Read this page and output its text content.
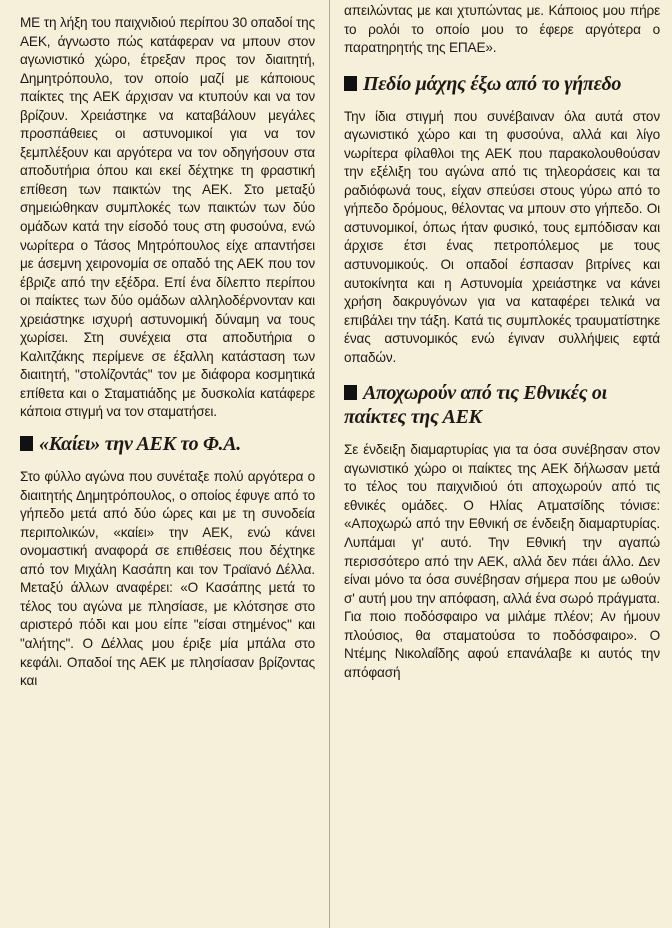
ΜΕ τη λήξη του παιχνιδιού περίπου 30 οπαδοί της ΑΕΚ, άγνωστο πώς κατάφεραν να μπουν στον αγωνιστικό χώρο, έτρεξαν προς τον διαιτητή, Δημητρόπουλο, τον οποίο μαζί με κάποιους παίκτες της ΑΕΚ άρχισαν να κτυπούν και να τον βρίζουν. Χρειάστηκε να καταβάλουν μεγάλες προσπάθειες οι αστυνομικοί για να τον ξεμπλέξουν και αργότερα να τον οδηγήσουν στα αποδυτήρια όπου και εκεί δέχτηκε τη φραστική επίθεση των παικτών της ΑΕΚ. Στο μεταξύ σημειώθηκαν συμπλοκές των παικτών των δύο ομάδων κατά την είσοδό τους στη φυσούνα, ενώ νωρίτερα ο Τάσος Μητρόπουλος είχε απαντήσει με άσεμνη χειρονομία σε οπαδό της ΑΕΚ που τον έβριζε από την εξέδρα. Επί ένα δίλεπτο περίπου οι παίκτες των δύο ομάδων αλληλοδέρνονταν και χρειάστηκε ισχυρή αστυνομική δύναμη να τους χωρίσει. Στη συνέχεια στα αποδυτήρια ο Καλιτζάκης περίμενε σε έξαλλη κατάσταση των διαιτητή, "στολίζοντάς" τον με διάφορα κοσμητικά επίθετα και ο Σταματιάδης με δυσκολία κατάφερε κάποια στιγμή να τον σταματήσει.

«Καίει» την ΑΕΚ το Φ.Α.

Στο φύλλο αγώνα που συνέταξε πολύ αργότερα ο διαιτητής Δημητρόπουλος, ο οποίος έφυγε από το γήπεδο μετά από δύο ώρες και με τη συνοδεία περιπολικών, «καίει» την ΑΕΚ, ενώ κάνει ονομαστική αναφορά σε επιθέσεις που δέχτηκε από τον Μιχάλη Κασάπη και τον Τραϊανό Δέλλα. Μεταξύ άλλων αναφέρει: «Ο Κασάπης μετά το τέλος του αγώνα με πλησίασε, με κλότσησε στο αριστερό πόδι και μου είπε "είσαι στημένος" και "αλήτης". Ο Δέλλας μου έριξε μία μπάλα στο κεφάλι. Οπαδοί της ΑΕΚ με πλησίασαν βρίζοντας και

απειλώντας με και χτυπώντας με. Κάποιος μου πήρε το ρολόι το οποίο μου το έφερε αργότερα ο παρατηρητής της ΕΠΑΕ».

Πεδίο μάχης έξω από το γήπεδο

Την ίδια στιγμή που συνέβαιναν όλα αυτά στον αγωνιστικό χώρο και τη φυσούνα, αλλά και λίγο νωρίτερα φίλαθλοι της ΑΕΚ που παρακολουθούσαν την εξέλιξη του αγώνα από τις τηλεοράσεις και τα ραδιόφωνά τους, είχαν σπεύσει στους γύρω από το γήπεδο δρόμους, θέλοντας να μπουν στο γήπεδο. Οι αστυνομικοί, όπως ήταν φυσικό, τους εμπόδισαν και άρχισε έτσι ένας πετροπόλεμος με τους αστυνομικούς. Οι οπαδοί έσπασαν βιτρίνες και αυτοκίνητα και η Αστυνομία χρειάστηκε να κάνει χρήση δακρυγόνων για να καταφέρει τελικά να επιβάλει την τάξη. Κατά τις συμπλοκές τραυματίστηκε ένας αστυνομικός ενώ έγιναν συλλήψεις εφτά οπαδών.

Αποχωρούν από τις Εθνικές οι παίκτες της ΑΕΚ

Σε ένδειξη διαμαρτυρίας για τα όσα συνέβησαν στον αγωνιστικό χώρο οι παίκτες της ΑΕΚ δήλωσαν μετά το τέλος του παιχνιδιού ότι αποχωρούν από τις εθνικές ομάδες. Ο Ηλίας Ατματσίδης τόνισε: «Αποχωρώ από την Εθνική σε ένδειξη διαμαρτυρίας. Λυπάμαι γι' αυτό. Την Εθνική την αγαπώ περισσότερο από την ΑΕΚ, αλλά δεν πάει άλλο. Δεν είναι μόνο τα όσα συνέβησαν σήμερα που με ωθούν σ' αυτή μου την απόφαση, αλλά ένα σωρό πράγματα. Για ποιο ποδόσφαιρο να μιλάμε πλέον; Αν ήμουν πλούσιος, θα σταματούσα το ποδόσφαιρο». Ο Ντέμης Νικολαΐδης αφού επανάλαβε κι αυτός την απόφασή
